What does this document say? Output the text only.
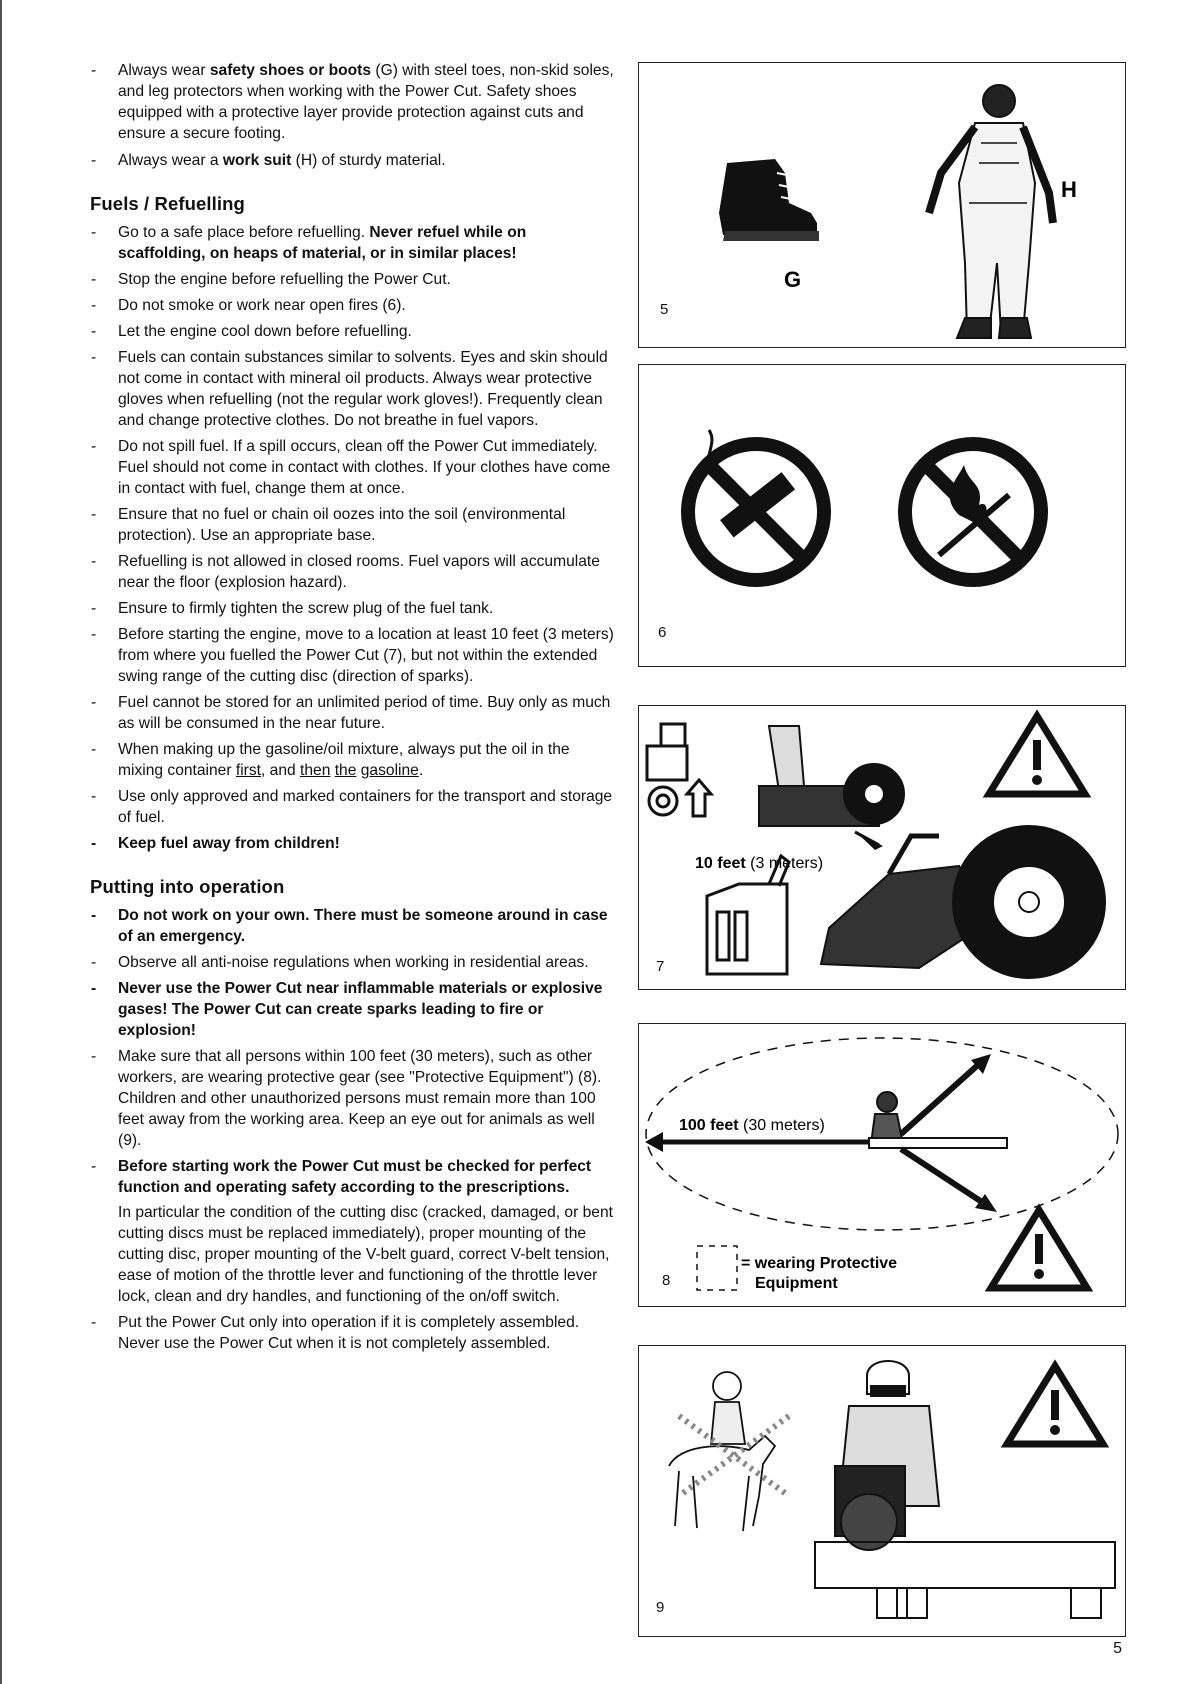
- Always wear safety shoes or boots (G) with steel toes, non-skid soles, and leg protectors when working with the Power Cut. Safety shoes equipped with a protective layer provide protection against cuts and ensure a secure footing.
- Always wear a work suit (H) of sturdy material.
Fuels / Refuelling
- Go to a safe place before refuelling. Never refuel while on scaffolding, on heaps of material, or in similar places!
- Stop the engine before refuelling the Power Cut.
- Do not smoke or work near open fires (6).
- Let the engine cool down before refuelling.
- Fuels can contain substances similar to solvents. Eyes and skin should not come in contact with mineral oil products. Always wear protective gloves when refuelling (not the regular work gloves!). Frequently clean and change protective clothes. Do not breathe in fuel vapors.
- Do not spill fuel. If a spill occurs, clean off the Power Cut immediately. Fuel should not come in contact with clothes. If your clothes have come in contact with fuel, change them at once.
- Ensure that no fuel or chain oil oozes into the soil (environmental protection). Use an appropriate base.
- Refuelling is not allowed in closed rooms. Fuel vapors will accumulate near the floor (explosion hazard).
- Ensure to firmly tighten the screw plug of the fuel tank.
- Before starting the engine, move to a location at least 10 feet (3 meters) from where you fuelled the Power Cut (7), but not within the extended swing range of the cutting disc (direction of sparks).
- Fuel cannot be stored for an unlimited period of time. Buy only as much as will be consumed in the near future.
- When making up the gasoline/oil mixture, always put the oil in the mixing container first, and then the gasoline.
- Use only approved and marked containers for the transport and storage of fuel.
- Keep fuel away from children!
Putting into operation
- Do not work on your own. There must be someone around in case of an emergency.
- Observe all anti-noise regulations when working in residential areas.
- Never use the Power Cut near inflammable materials or explosive gases! The Power Cut can create sparks leading to fire or explosion!
- Make sure that all persons within 100 feet (30 meters), such as other workers, are wearing protective gear (see "Protective Equipment") (8). Children and other unauthorized persons must remain more than 100 feet away from the working area. Keep an eye out for animals as well (9).
- Before starting work the Power Cut must be checked for perfect function and operating safety according to the prescriptions.
In particular the condition of the cutting disc (cracked, damaged, or bent cutting discs must be replaced immediately), proper mounting of the cutting disc, proper mounting of the V-belt guard, correct V-belt tension, ease of motion of the throttle lever and functioning of the throttle lever lock, clean and dry handles, and functioning of the on/off switch.
- Put the Power Cut only into operation if it is completely assembled. Never use the Power Cut when it is not completely assembled.
G
H
5
6
10 feet (3 meters)
7
100 feet (30 meters)
= wearing Protective
Equipment
8
9
5
